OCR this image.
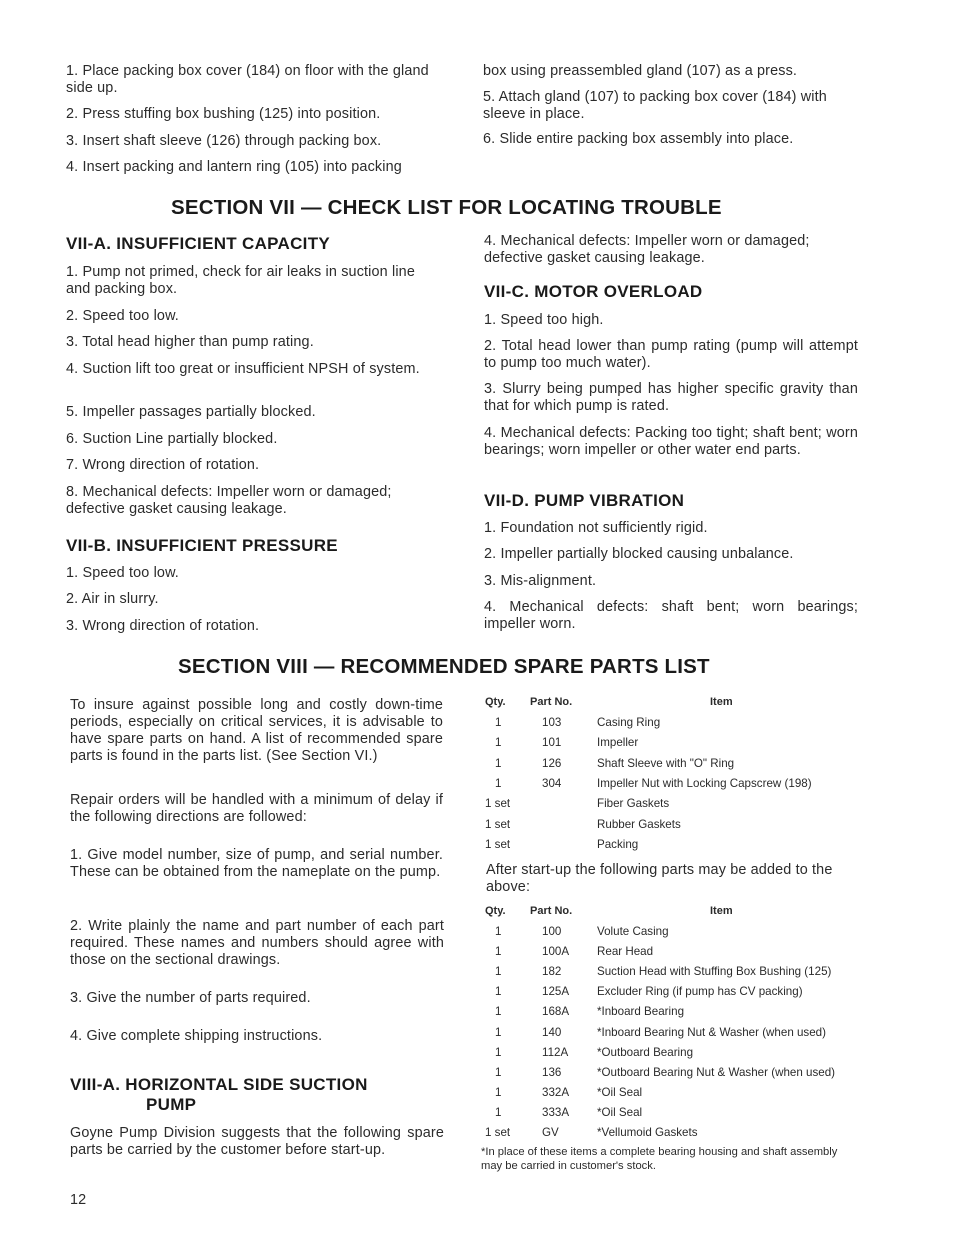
1. Place packing box cover (184) on floor with the gland side up.
2. Press stuffing box bushing (125) into position.
3. Insert shaft sleeve (126) through packing box.
4. Insert packing and lantern ring (105) into packing
box using preassembled gland (107) as a press.
5. Attach gland (107) to packing box cover (184) with sleeve in place.
6. Slide entire packing box assembly into place.
SECTION VII — CHECK LIST FOR LOCATING TROUBLE
VII-A. INSUFFICIENT CAPACITY
1. Pump not primed, check for air leaks in suction line and packing box.
2. Speed too low.
3. Total head higher than pump rating.
4. Suction lift too great or insufficient NPSH of system.
5. Impeller passages partially blocked.
6. Suction Line partially blocked.
7. Wrong direction of rotation.
8. Mechanical defects: Impeller worn or damaged; defective gasket causing leakage.
VII-B. INSUFFICIENT PRESSURE
1. Speed too low.
2. Air in slurry.
3. Wrong direction of rotation.
4. Mechanical defects: Impeller worn or damaged; defective gasket causing leakage.
VII-C. MOTOR OVERLOAD
1. Speed too high.
2. Total head lower than pump rating (pump will attempt to pump too much water).
3. Slurry being pumped has higher specific gravity than that for which pump is rated.
4. Mechanical defects: Packing too tight; shaft bent; worn bearings; worn impeller or other water end parts.
VII-D. PUMP VIBRATION
1. Foundation not sufficiently rigid.
2. Impeller partially blocked causing unbalance.
3. Mis-alignment.
4. Mechanical defects: shaft bent; worn bearings; impeller worn.
SECTION VIII — RECOMMENDED SPARE PARTS LIST
To insure against possible long and costly down-time periods, especially on critical services, it is advisable to have spare parts on hand. A list of recommended spare parts is found in the parts list. (See Section VI.)
Repair orders will be handled with a minimum of delay if the following directions are followed:
1. Give model number, size of pump, and serial number. These can be obtained from the nameplate on the pump.
2. Write plainly the name and part number of each part required. These names and numbers should agree with those on the sectional drawings.
3. Give the number of parts required.
4. Give complete shipping instructions.
VIII-A. HORIZONTAL SIDE SUCTION
PUMP
Goyne Pump Division suggests that the following spare parts be carried by the customer before start-up.
Qty. Part No.	Item
1	103	Casing Ring
1	101	Impeller
1	126	Shaft Sleeve with "O" Ring
1	304	Impeller Nut with Locking Capscrew (198)
1 set	Fiber Gaskets
1 set	Rubber Gaskets
1 set	Packing
After start-up the following parts may be added to the above:
Qty. Part No.	Item
1	100	Volute Casing
1	100A Rear Head
1	182	Suction Head with Stuffing Box Bushing (125)
1	125A Excluder Ring (if pump has CV packing)
1	168A *Inboard Bearing
1	140	*Inboard Bearing Nut & Washer (when used)
1	112A *Outboard Bearing
1	136	*Outboard Bearing Nut & Washer (when used)
1	332A *Oil Seal
1	333A *Oil Seal
1 set	GV	*Vellumoid Gaskets
*In place of these items a complete bearing housing and shaft assembly may be carried in customer's stock.
12
